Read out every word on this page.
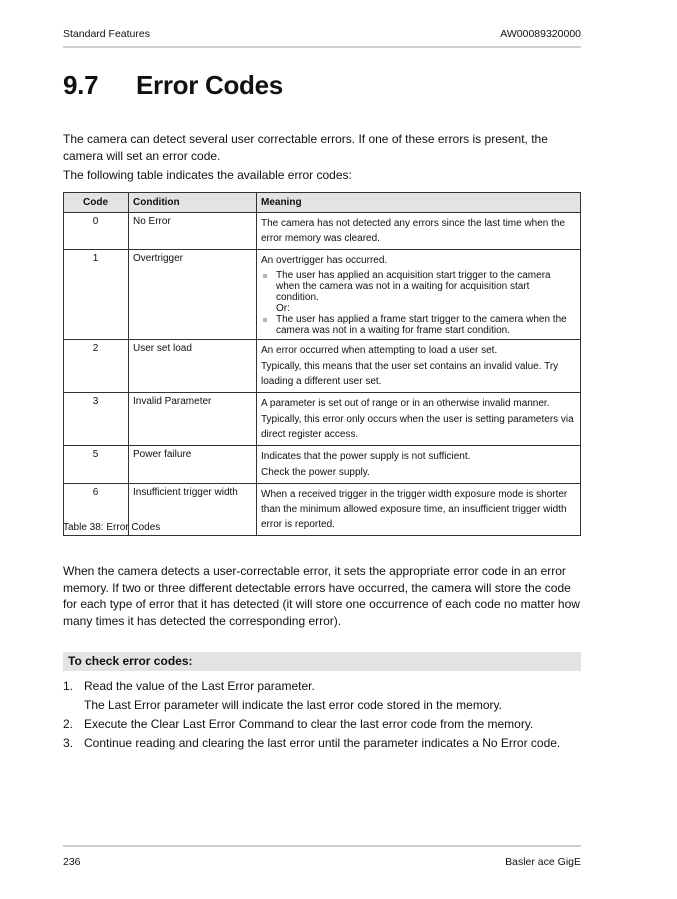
Standard Features	AW00089320000
9.7 Error Codes
The camera can detect several user correctable errors. If one of these errors is present, the camera will set an error code.
The following table indicates the available error codes:
Code	Condition	Meaning
0	No Error	The camera has not detected any errors since the last time when the error memory was cleared.

1	Overtrigger	An overtrigger has occurred.
The user has applied an acquisition start trigger to the camera when the camera was not in a waiting for acquisition start condition.
Or:
The user has applied a frame start trigger to the camera when the camera was not in a waiting for frame start condition.

2	User set load	An error occurred when attempting to load a user set.
Typically, this means that the user set contains an invalid value. Try loading a different user set.

3	Invalid Parameter	A parameter is set out of range or in an otherwise invalid manner.
Typically, this error only occurs when the user is setting parameters via direct register access.

5	Power failure	Indicates that the power supply is not sufficient.
Check the power supply.

6	Insufficient trigger width	When a received trigger in the trigger width exposure mode is shorter than the minimum allowed exposure time, an insufficient trigger width error is reported.
Table 38: Error Codes
When the camera detects a user-correctable error, it sets the appropriate error code in an error memory. If two or three different detectable errors have occurred, the camera will store the code for each type of error that it has detected (it will store one occurrence of each code no matter how many times it has detected the corresponding error).
To check error codes:
1. Read the value of the Last Error parameter.
The Last Error parameter will indicate the last error code stored in the memory.
2. Execute the Clear Last Error Command to clear the last error code from the memory.
3. Continue reading and clearing the last error until the parameter indicates a No Error code.
236	Basler ace GigE
